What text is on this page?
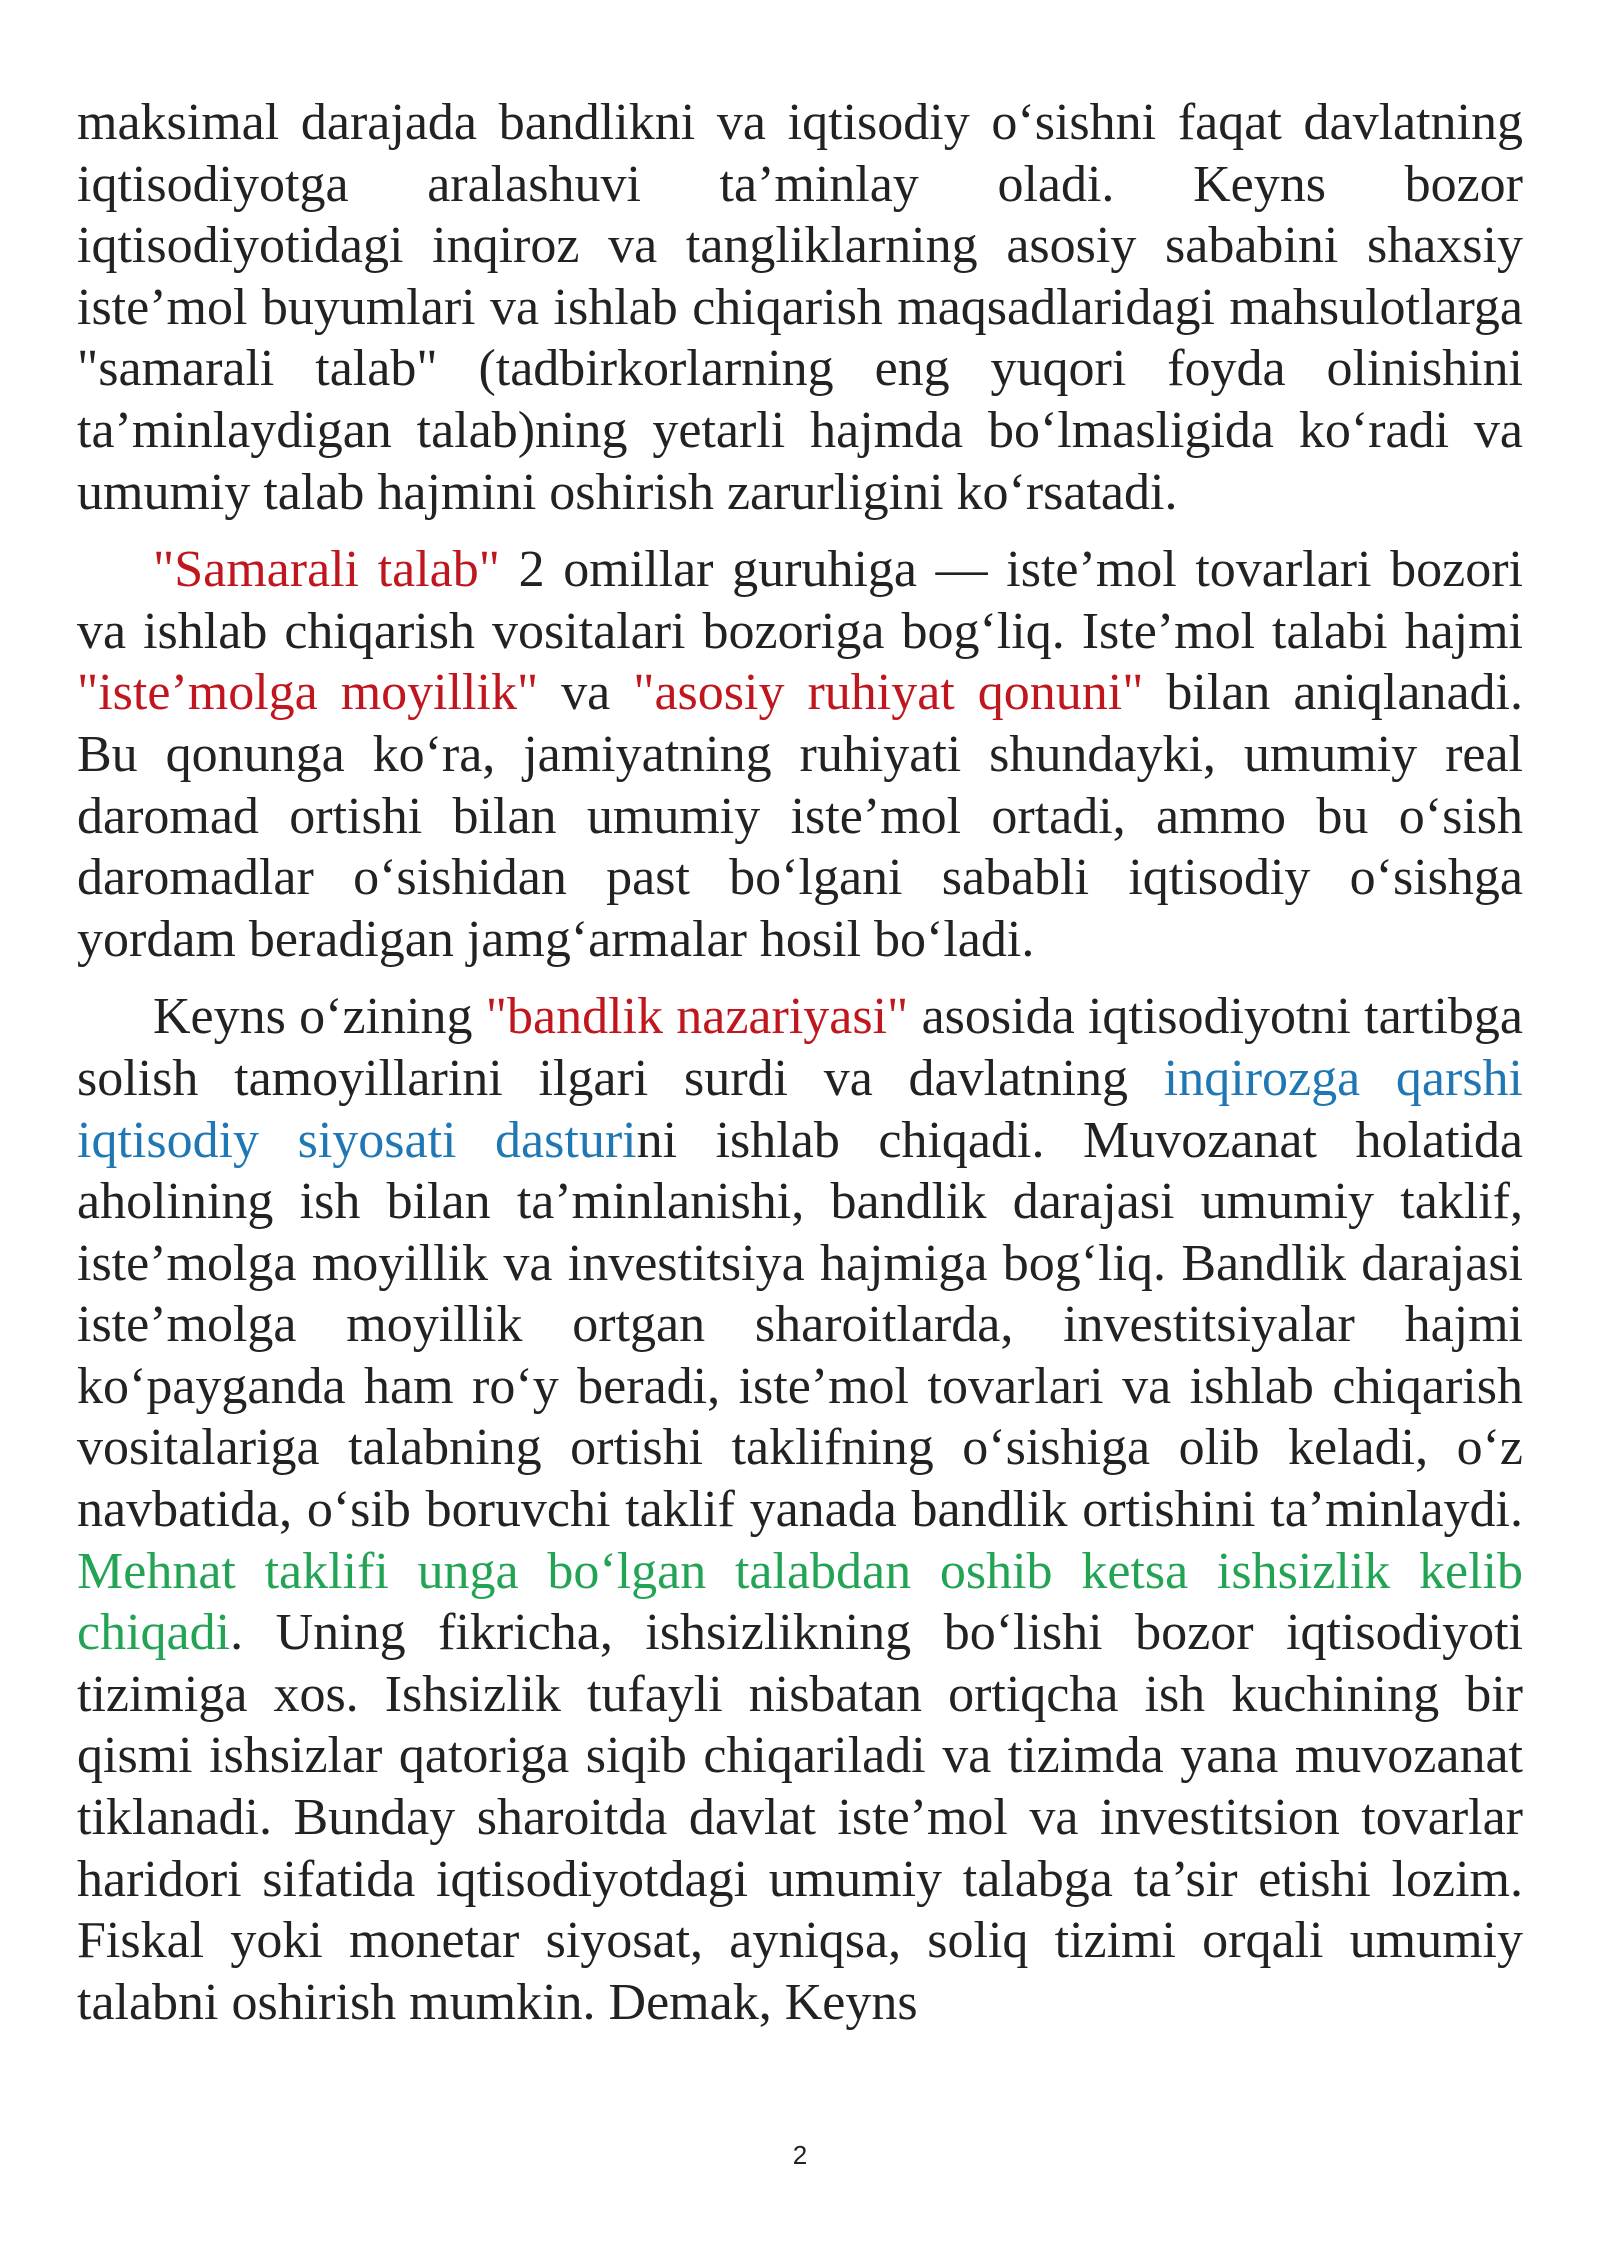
maksimal darajada bandlikni va iqtisodiy o‘sishni faqat davlatning iqtisodiyotga aralashuvi ta’minlay oladi. Keyns bozor iqtisodiyotidagi inqiroz va tangliklarning asosiy sababini shaxsiy iste’mol buyumlari va ishlab chiqarish maqsadlaridagi mahsulotlarga "samarali talab" (tadbirkorlarning eng yuqori foyda olinishini ta’minlaydigan talab)ning yetarli hajmda bo‘lmasligida ko‘radi va umumiy talab hajmini oshirish zarurligini ko‘rsatadi.

"Samarali talab" 2 omillar guruhiga — iste’mol tovarlari bozori va ishlab chiqarish vositalari bozoriga bog‘liq. Iste’mol talabi hajmi "iste’molga moyillik" va "asosiy ruhiyat qonuni" bilan aniqlanadi. Bu qonunga ko‘ra, jamiyatning ruhiyati shundayki, umumiy real daromad ortishi bilan umumiy iste’mol ortadi, ammo bu o‘sish daromadlar o‘sishidan past bo‘lgani sababli iqtisodiy o‘sishga yordam beradigan jamg‘armalar hosil bo‘ladi.

Keyns o‘zining "bandlik nazariyasi" asosida iqtisodiyotni tartibga solish tamoyillarini ilgari surdi va davlatning inqirozga qarshi iqtisodiy siyosati dasturini ishlab chiqadi. Muvozanat holatida aholining ish bilan ta’minlanishi, bandlik darajasi umumiy taklif, iste’molga moyillik va investitsiya hajmiga bog‘liq. Bandlik darajasi iste’molga moyillik ortgan sharoitlarda, investitsiyalar hajmi ko‘payganda ham ro‘y beradi, iste’mol tovarlari va ishlab chiqarish vositalariga talabning ortishi taklifning o‘sishiga olib keladi, o‘z navbatida, o‘sib boruvchi taklif yanada bandlik ortishini ta’minlaydi. Mehnat taklifi unga bo‘lgan talabdan oshib ketsa ishsizlik kelib chiqadi. Uning fikricha, ishsizlikning bo‘lishi bozor iqtisodiyoti tizimiga xos. Ishsizlik tufayli nisbatan ortiqcha ish kuchining bir qismi ishsizlar qatoriga siqib chiqariladi va tizimda yana muvozanat tiklanadi. Bunday sharoitda davlat iste’mol va investitsion tovarlar haridori sifatida iqtisodiyotdagi umumiy talabga ta’sir etishi lozim. Fiskal yoki monetar siyosat, ayniqsa, soliq tizimi orqali umumiy talabni oshirish mumkin. Demak, Keyns

2
